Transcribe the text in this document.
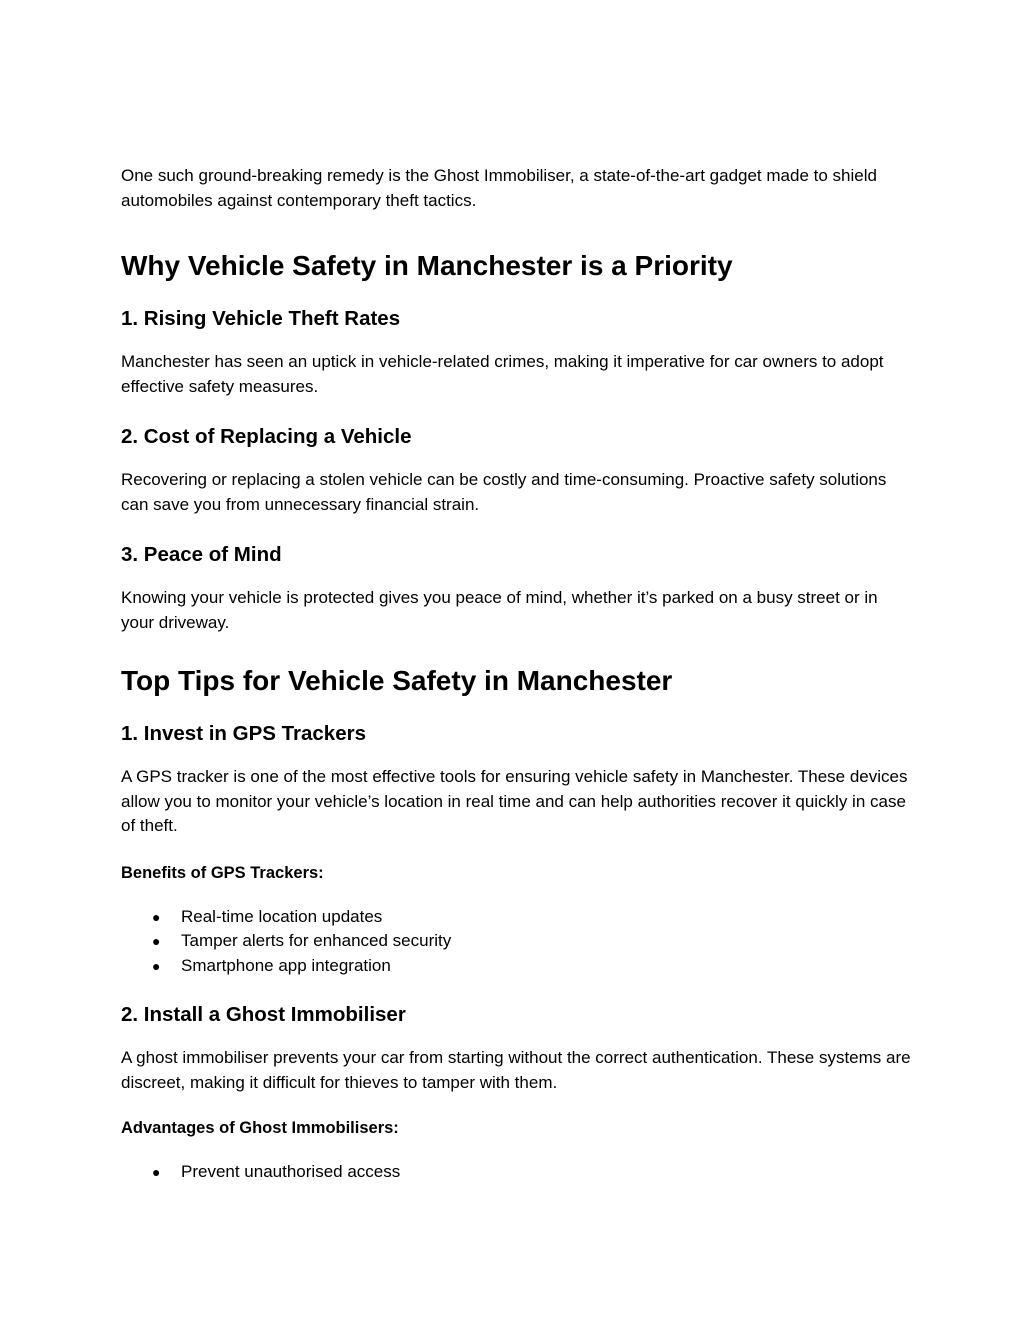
One such ground-breaking remedy is the Ghost Immobiliser, a state-of-the-art gadget made to shield automobiles against contemporary theft tactics.

Why Vehicle Safety in Manchester is a Priority
1. Rising Vehicle Theft Rates

Manchester has seen an uptick in vehicle-related crimes, making it imperative for car owners to adopt effective safety measures.

2. Cost of Replacing a Vehicle

Recovering or replacing a stolen vehicle can be costly and time-consuming. Proactive safety solutions can save you from unnecessary financial strain.

3. Peace of Mind

Knowing your vehicle is protected gives you peace of mind, whether it’s parked on a busy street or in your driveway.

Top Tips for Vehicle Safety in Manchester
1. Invest in GPS Trackers

A GPS tracker is one of the most effective tools for ensuring vehicle safety in Manchester. These devices allow you to monitor your vehicle’s location in real time and can help authorities recover it quickly in case of theft.

Benefits of GPS Trackers:

● Real-time location updates
● Tamper alerts for enhanced security
● Smartphone app integration
2. Install a Ghost Immobiliser

A ghost immobiliser prevents your car from starting without the correct authentication. These systems are discreet, making it difficult for thieves to tamper with them.

Advantages of Ghost Immobilisers:

● Prevent unauthorised access
